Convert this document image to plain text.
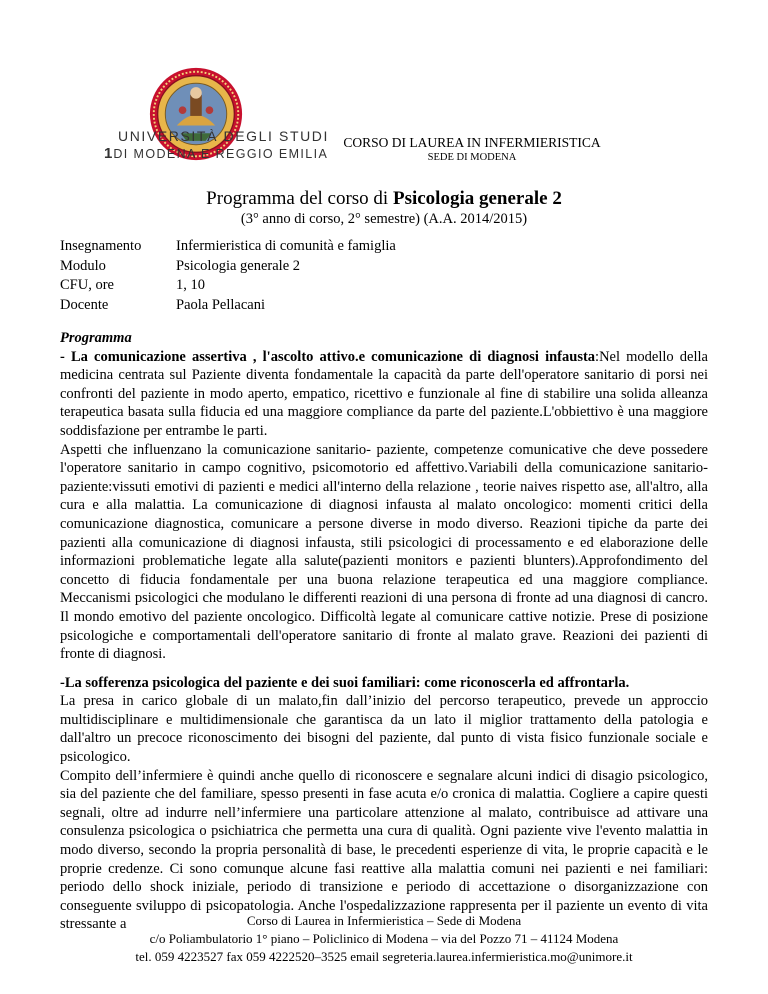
UNIVERSITÀ DEGLI STUDI
1DI MODENA E REGGIO EMILIA
CORSO DI LAUREA IN INFERMIERISTICA
SEDE DI MODENA
Programma del corso di Psicologia generale 2
(3° anno di corso, 2° semestre) (A.A. 2014/2015)
Insegnamento	Infermieristica di comunità e famiglia
Modulo	Psicologia generale 2
CFU, ore	1, 10
Docente	Paola Pellacani
Programma

- La comunicazione assertiva , l'ascolto attivo.e comunicazione di diagnosi infausta:Nel modello della medicina centrata sul Paziente diventa fondamentale la capacità da parte dell'operatore sanitario di porsi nei confronti del paziente in modo aperto, empatico, ricettivo e funzionale al fine di stabilire una solida alleanza terapeutica basata sulla fiducia ed una maggiore compliance da parte del paziente.L'obbiettivo è una maggiore soddisfazione per entrambe le parti.

Aspetti che influenzano la comunicazione sanitario- paziente, competenze comunicative che deve possedere l'operatore sanitario in campo cognitivo, psicomotorio ed affettivo.Variabili della comunicazione sanitario-paziente:vissuti emotivi di pazienti e medici all'interno della relazione , teorie naives rispetto ase, all'altro, alla cura e alla malattia. La comunicazione di diagnosi infausta al malato oncologico: momenti critici della comunicazione diagnostica, comunicare a persone diverse in modo diverso. Reazioni tipiche da parte dei pazienti alla comunicazione di diagnosi infausta, stili psicologici di processamento e ed elaborazione delle informazioni problematiche legate alla salute(pazienti monitors e pazienti blunters).Approfondimento del concetto di fiducia fondamentale per una buona relazione terapeutica ed una maggiore compliance. Meccanismi psicologici che modulano le differenti reazioni di una persona di fronte ad una diagnosi di cancro. Il mondo emotivo del paziente oncologico. Difficoltà legate al comunicare cattive notizie. Prese di posizione psicologiche e comportamentali dell'operatore sanitario di fronte al malato grave. Reazioni dei pazienti di fronte di diagnosi.

-La sofferenza psicologica del paziente e dei suoi familiari: come riconoscerla ed affrontarla.

La presa in carico globale di un malato,fin dall’inizio del percorso terapeutico, prevede un approccio multidisciplinare e multidimensionale che garantisca da un lato il miglior trattamento della patologia e dall'altro un precoce riconoscimento dei bisogni del paziente, dal punto di vista fisico funzionale sociale e psicologico.

Compito dell’infermiere è quindi anche quello di riconoscere e segnalare alcuni indici di disagio psicologico, sia del paziente che del familiare, spesso presenti in fase acuta e/o cronica di malattia. Cogliere a capire questi segnali, oltre ad indurre nell’infermiere una particolare attenzione al malato, contribuisce ad attivare una consulenza psicologica o psichiatrica che permetta una cura di qualità. Ogni paziente vive l'evento malattia in modo diverso, secondo la propria personalità di base, le precedenti esperienze di vita, le proprie capacità e le proprie credenze. Ci sono comunque alcune fasi reattive alla malattia comuni nei pazienti e nei familiari: periodo dello shock iniziale, periodo di transizione e periodo di accettazione o disorganizzazione con conseguente sviluppo di psicopatologia. Anche l'ospedalizzazione rappresenta per il paziente un evento di vita stressante a	Corso di Laurea in Infermieristica – Sede di Modena
c/o Poliambulatorio 1° piano – Policlinico di Modena – via del Pozzo 71 – 41124 Modena
tel. 059 4223527 fax 059 4222520–3525 email segreteria.laurea.infermieristica.mo@unimore.it
